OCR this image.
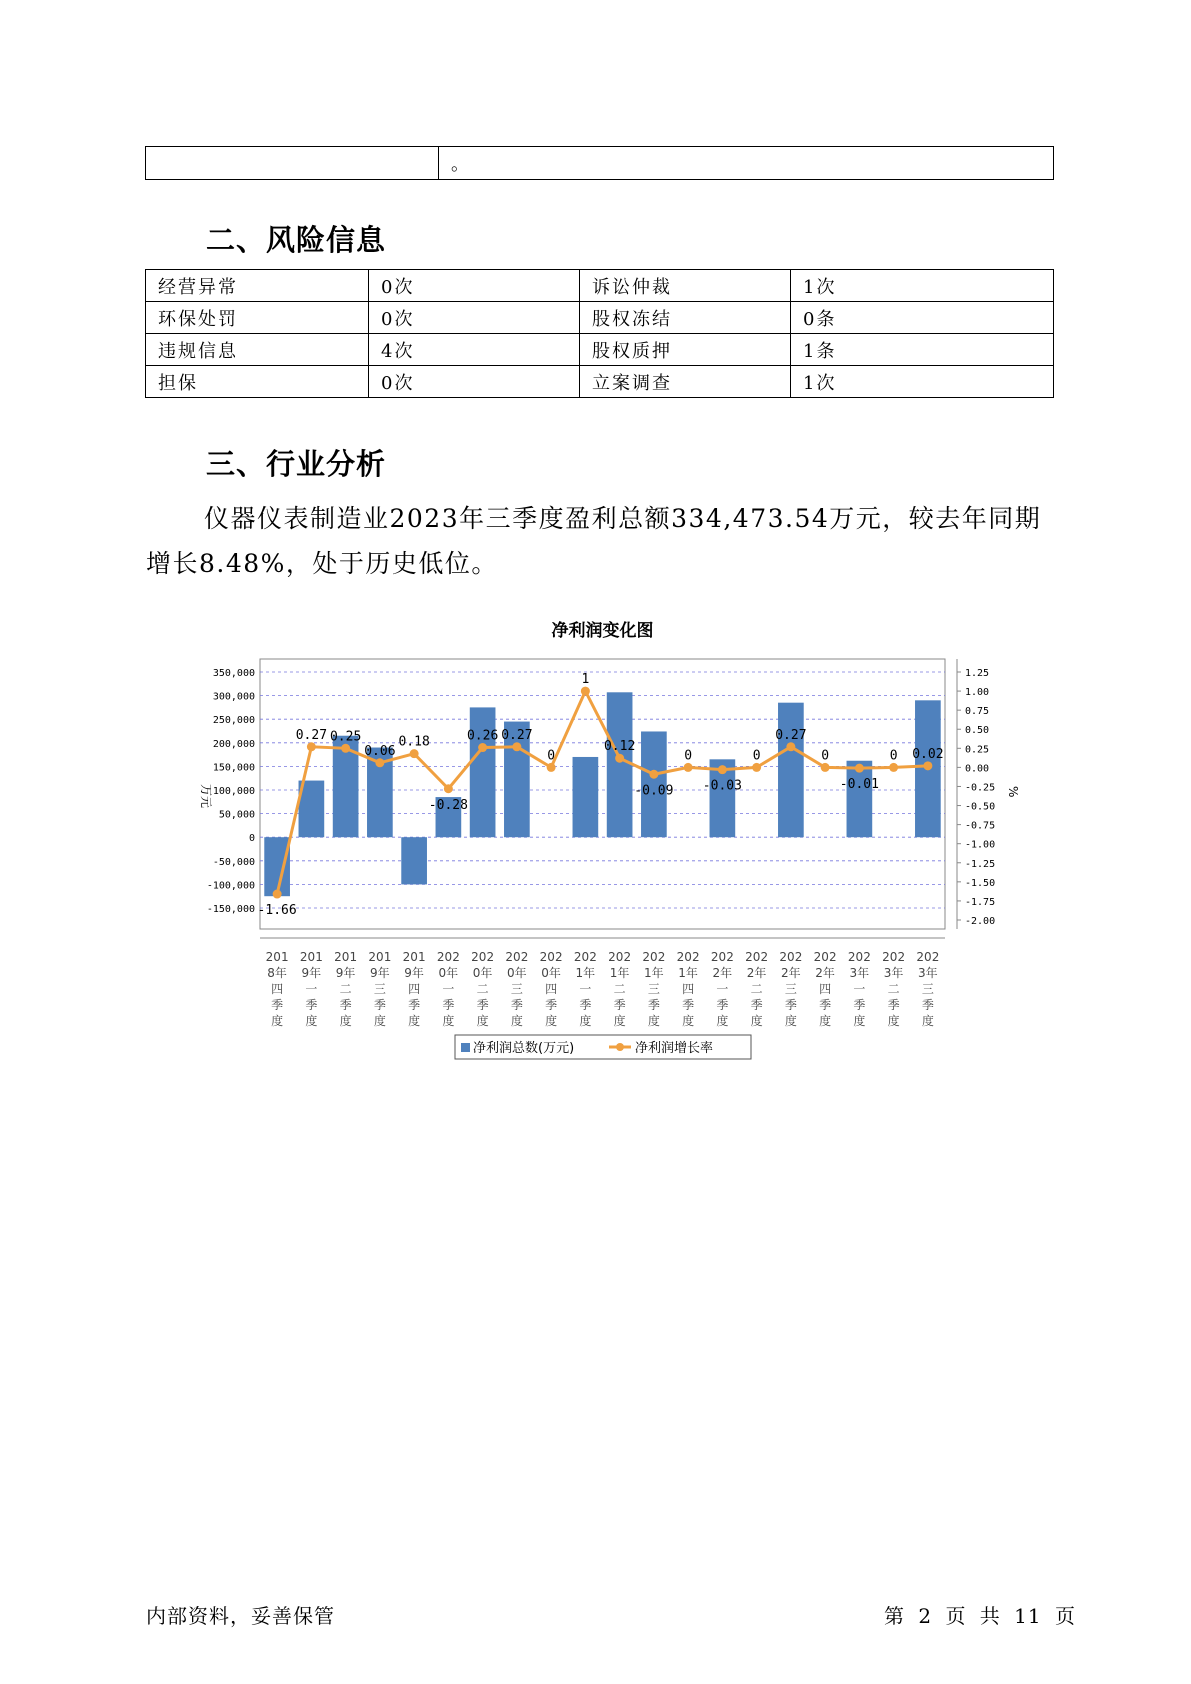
	。
二、风险信息
经营异常	0次	诉讼仲裁	1次
环保处罚	0次	股权冻结	0条
违规信息	4次	股权质押	1条
担保	0次	立案调查	1次
三、行业分析

仪器仪表制造业2023年三季度盈利总额334,473.54万元，较去年同期增长8.48%，处于历史低位。

净利润变化图
350,000
300,000
250,000
200,000
150,000
100,000
50,000
0
-50,000
-100,000
-150,000
1.25
1.00
0.75
0.50
0.25
0.00
-0.25
-0.50
-0.75
-1.00
-1.25
-1.50
-1.75
-2.00
万元	%
-1.66
0.27 0.25
0.06
0.18
-0.28
0.26 0.27
0
1
0.12
-0.09
0
-0.03
0
0.27
0
-0.01
0 0.02
201 8年四季度
201 9年一季度
201 9年二季度
201 9年三季度
201 9年四季度
202 0年一季度
202 0年二季度
202 0年三季度
202 0年四季度
202 1年一季度
202 1年二季度
202 1年三季度
202 1年四季度
202 2年一季度
202 2年二季度
202 2年三季度
202 2年四季度
202 3年一季度
202 3年二季度
202 3年三季度
净利润总数(万元)	净利润增长率
内部资料，妥善保管	第 2 页 共 11 页
